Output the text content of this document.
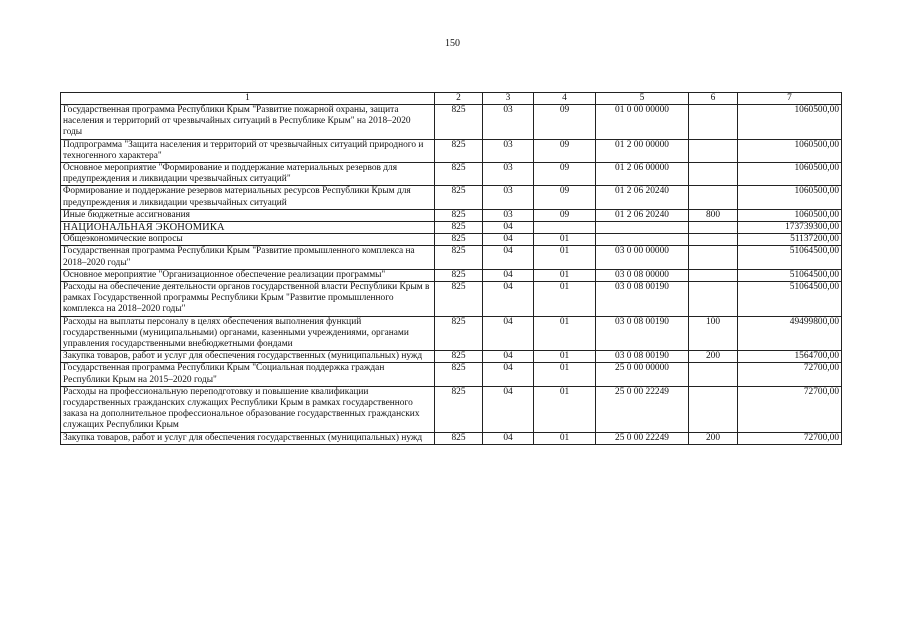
150
1	2	3	4	5	6	7
Государственная программа Республики Крым "Развитие пожарной охраны, защита населения и территорий от чрезвычайных ситуаций в Республике Крым" на 2018–2020 годы	825	03	09	01 0 00 00000		1060500,00
Подпрограмма "Защита населения и территорий от чрезвычайных ситуаций природного и техногенного характера"	825	03	09	01 2 00 00000		1060500,00
Основное мероприятие "Формирование и поддержание материальных резервов для предупреждения и ликвидации чрезвычайных ситуаций"	825	03	09	01 2 06 00000		1060500,00
Формирование и поддержание резервов материальных ресурсов Республики Крым для предупреждения и ликвидации чрезвычайных ситуаций	825	03	09	01 2 06 20240		1060500,00
Иные бюджетные ассигнования	825	03	09	01 2 06 20240	800	1060500,00
НАЦИОНАЛЬНАЯ ЭКОНОМИКА	825	04				173739300,00
Общеэкономические вопросы	825	04	01			51137200,00
Государственная программа Республики Крым "Развитие промышленного комплекса на 2018–2020 годы"	825	04	01	03 0 00 00000		51064500,00
Основное мероприятие "Организационное обеспечение реализации программы"	825	04	01	03 0 08 00000		51064500,00
Расходы на обеспечение деятельности органов государственной власти Республики Крым в рамках Государственной программы Республики Крым "Развитие промышленного комплекса на 2018–2020 годы"	825	04	01	03 0 08 00190		51064500,00
Расходы на выплаты персоналу в целях обеспечения выполнения функций государственными (муниципальными) органами, казенными учреждениями, органами управления государственными внебюджетными фондами	825	04	01	03 0 08 00190	100	49499800,00
Закупка товаров, работ и услуг для обеспечения государственных (муниципальных) нужд	825	04	01	03 0 08 00190	200	1564700,00
Государственная программа Республики Крым "Социальная поддержка граждан Республики Крым на 2015–2020 годы"	825	04	01	25 0 00 00000		72700,00
Расходы на профессиональную переподготовку и повышение квалификации государственных гражданских служащих Республики Крым в рамках государственного заказа на дополнительное профессиональное образование государственных гражданских служащих Республики Крым	825	04	01	25 0 00 22249		72700,00
Закупка товаров, работ и услуг для обеспечения государственных (муниципальных) нужд	825	04	01	25 0 00 22249	200	72700,00
